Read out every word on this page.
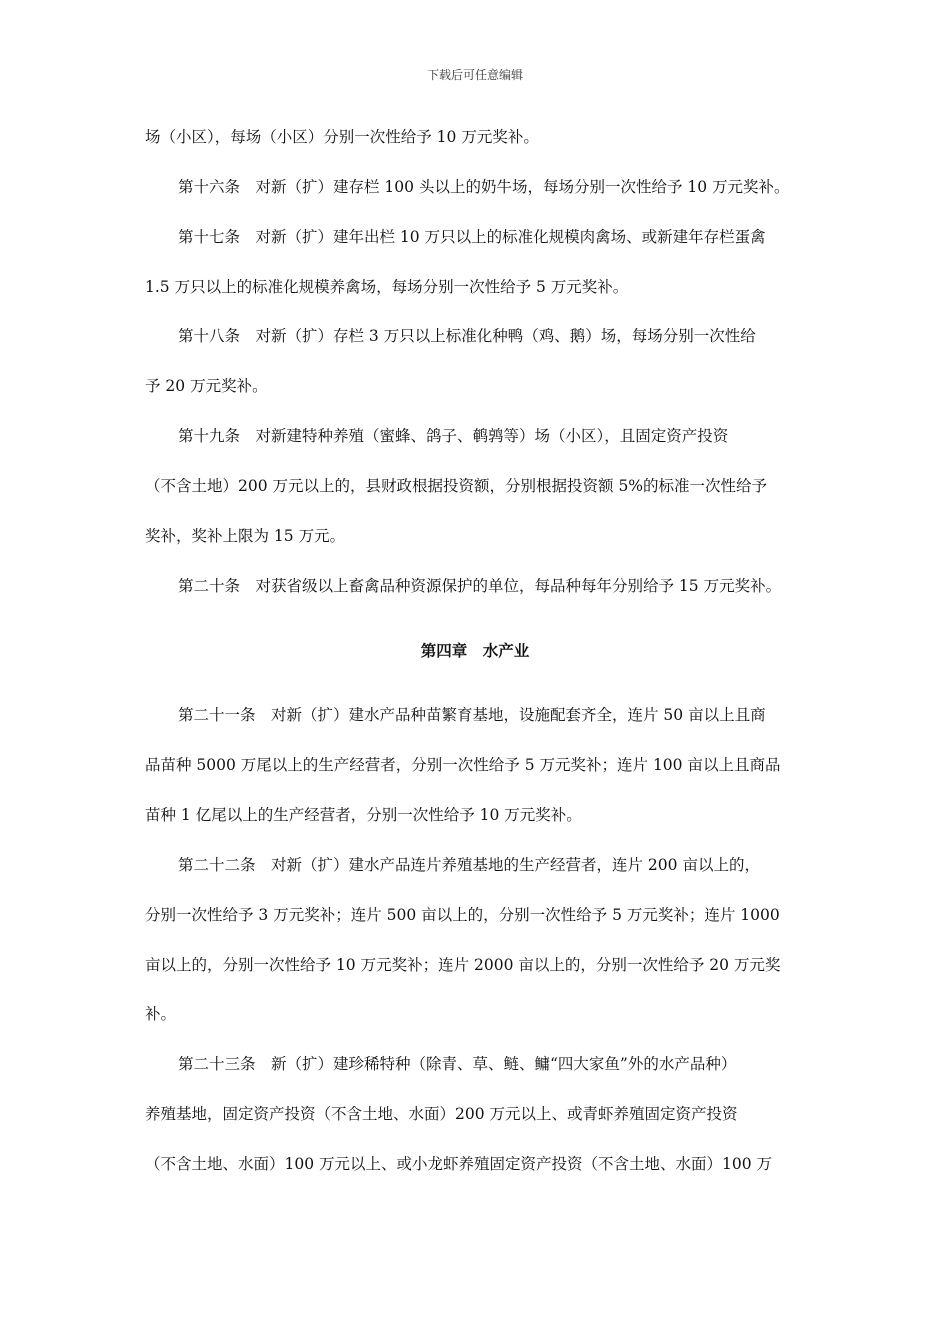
下载后可任意编辑
场（小区），每场（小区）分别一次性给予 10 万元奖补。
第十六条　对新（扩）建存栏 100 头以上的奶牛场，每场分别一次性给予 10 万元奖补。
第十七条　对新（扩）建年出栏 10 万只以上的标准化规模肉禽场、或新建年存栏蛋禽
1.5 万只以上的标准化规模养禽场，每场分别一次性给予 5 万元奖补。
第十八条　对新（扩）存栏 3 万只以上标准化种鸭（鸡、鹅）场，每场分别一次性给
予 20 万元奖补。
第十九条　对新建特种养殖（蜜蜂、鸽子、鹌鹑等）场（小区），且固定资产投资
（不含土地）200 万元以上的，县财政根据投资额，分别根据投资额 5%的标准一次性给予
奖补，奖补上限为 15 万元。
第二十条　对获省级以上畜禽品种资源保护的单位，每品种每年分别给予 15 万元奖补。
第四章　水产业
第二十一条　对新（扩）建水产品种苗繁育基地，设施配套齐全，连片 50 亩以上且商
品苗种 5000 万尾以上的生产经营者，分别一次性给予 5 万元奖补；连片 100 亩以上且商品
苗种 1 亿尾以上的生产经营者，分别一次性给予 10 万元奖补。
第二十二条　对新（扩）建水产品连片养殖基地的生产经营者，连片 200 亩以上的，
分别一次性给予 3 万元奖补；连片 500 亩以上的，分别一次性给予 5 万元奖补；连片 1000
亩以上的，分别一次性给予 10 万元奖补；连片 2000 亩以上的，分别一次性给予 20 万元奖
补。
第二十三条　新（扩）建珍稀特种（除青、草、鲢、鳙“四大家鱼”外的水产品种）
养殖基地，固定资产投资（不含土地、水面）200 万元以上、或青虾养殖固定资产投资
（不含土地、水面）100 万元以上、或小龙虾养殖固定资产投资（不含土地、水面）100 万
